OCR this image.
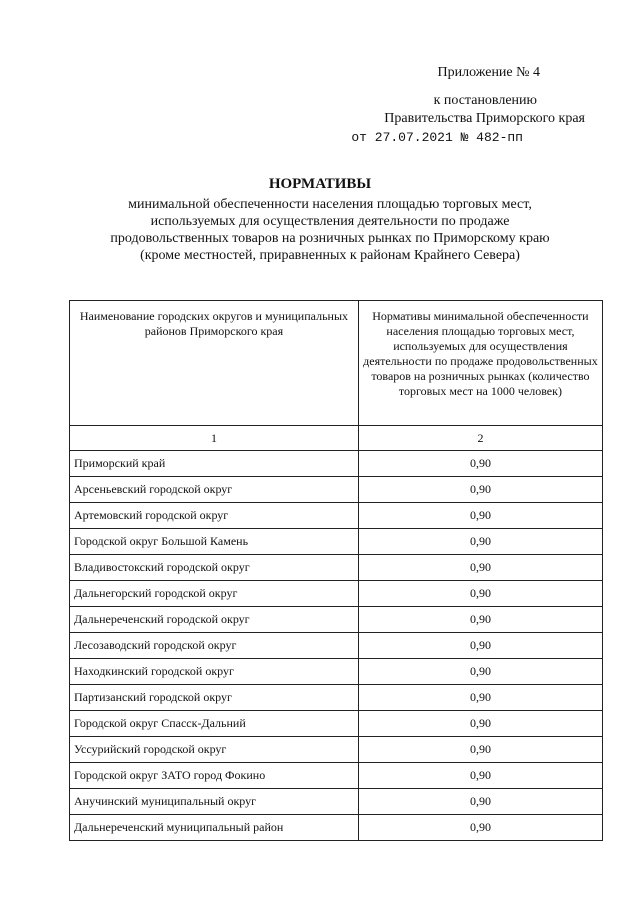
Приложение № 4
к постановлению
Правительства Приморского края
от 27.07.2021 № 482-пп
НОРМАТИВЫ
минимальной обеспеченности населения площадью торговых мест,
используемых для осуществления деятельности по продаже
продовольственных товаров на розничных рынках по Приморскому краю
(кроме местностей, приравненных к районам Крайнего Севера)
Наименование городских округов и муниципальных районов Приморского края	Нормативы минимальной обеспеченности населения площадью торговых мест, используемых для осуществления деятельности по продаже продовольственных товаров на розничных рынках (количество торговых мест на 1000 человек)
1	2
Приморский край	0,90
Арсеньевский городской округ	0,90
Артемовский городской округ	0,90
Городской округ Большой Камень	0,90
Владивостокский городской округ	0,90
Дальнегорский городской округ	0,90
Дальнереченский городской округ	0,90
Лесозаводский городской округ	0,90
Находкинский городской округ	0,90
Партизанский городской округ	0,90
Городской округ Спасск-Дальний	0,90
Уссурийский городской округ	0,90
Городской округ ЗАТО город Фокино	0,90
Анучинский муниципальный округ	0,90
Дальнереченский муниципальный район	0,90
